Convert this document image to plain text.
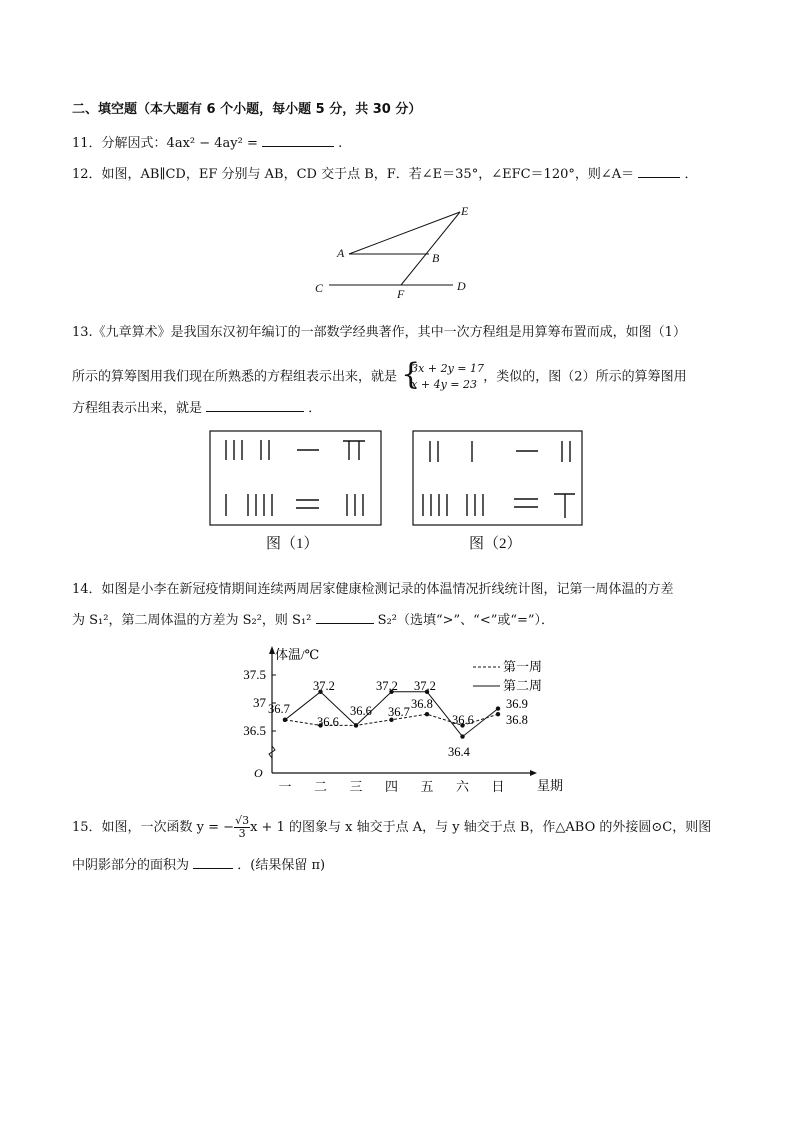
二、填空题（本大题有 6 个小题，每小题 5 分，共 30 分）
11．分解因式：4ax² − 4ay² =	.
12．如图，AB∥CD，EF 分别与 AB，CD 交于点 B，F．若∠E＝35°，∠EFC＝120°，则∠A＝	．
E
A	B
C	D
F
13.《九章算术》是我国东汉初年编订的一部数学经典著作，其中一次方程组是用算筹布置而成，如图（1）
所示的算筹图用我们现在所熟悉的方程组表示出来，就是 {
3x + 2y = 17
x + 4y = 23 ，类似的，图（2）所示的算筹图用
方程组表示出来，就是	．
图（1）	图（2）
14．如图是小李在新冠疫情期间连续两周居家健康检测记录的体温情况折线统计图，记第一周体温的方差
为 S₁²，第二周体温的方差为 S₂²，则 S₁²	S₂²（选填“>”、“<”或“=”）．
体温/℃
星期
O
37.5
37
36.5
一 二 三 四 五 六 日
36.7
37.2
36.6
36.6
37.2
36.7
37.2
36.8
36.6
36.4
36.9
36.8
第一周
第二周
15．如图，一次函数 y = − $\frac{√3}{3}$ x + 1 的图象与 x 轴交于点 A，与 y 轴交于点 B，作△ABO 的外接圆⊙C，则图
中阴影部分的面积为	．(结果保留 π)
